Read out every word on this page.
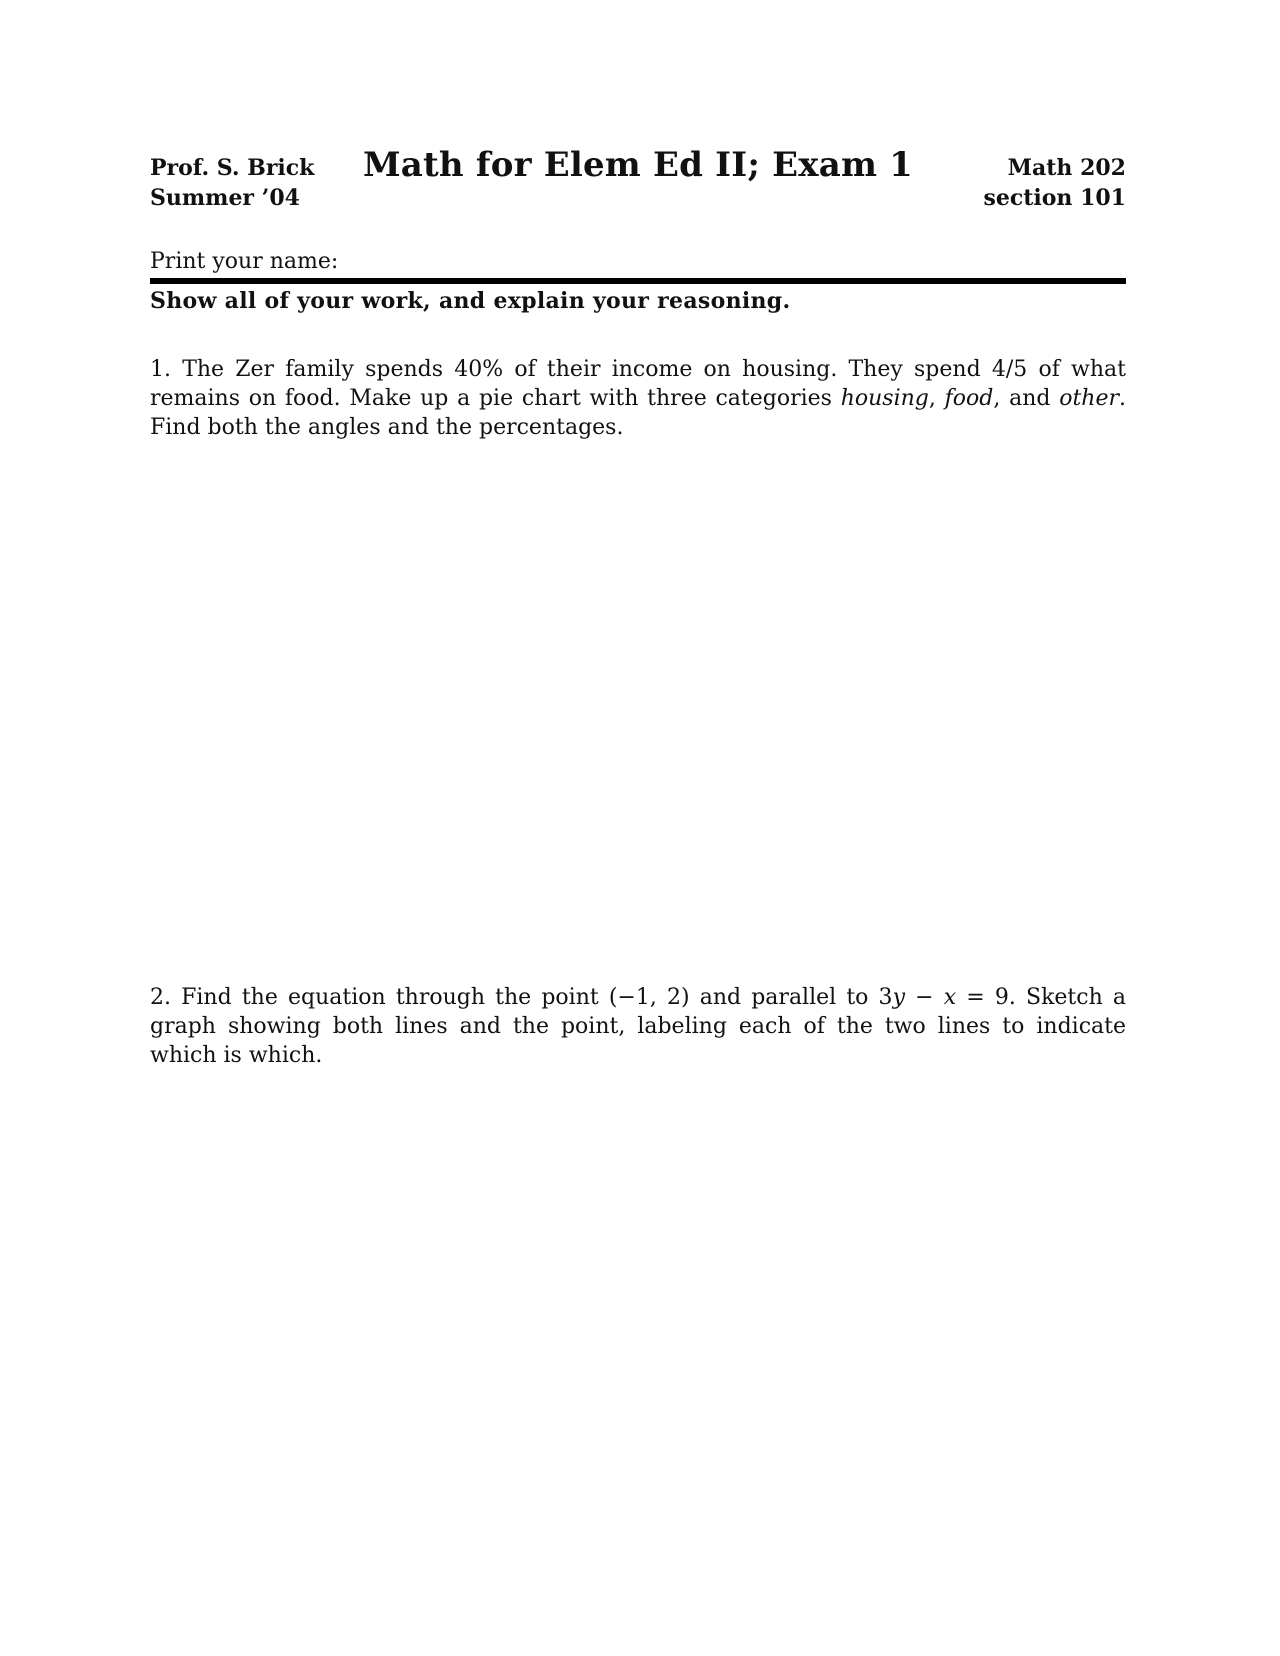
Prof. S. Brick
Summer ’04
Math for Elem Ed II; Exam 1	Math 202
section 101
Print your name:
Show all of your work, and explain your reasoning.
1. The Zer family spends 40% of their income on housing. They spend 4/5 of what remains on food. Make up a pie chart with three categories housing, food, and other. Find both the angles and the percentages.
2. Find the equation through the point (−1, 2) and parallel to 3y − x = 9. Sketch a graph showing both lines and the point, labeling each of the two lines to indicate which is which.
